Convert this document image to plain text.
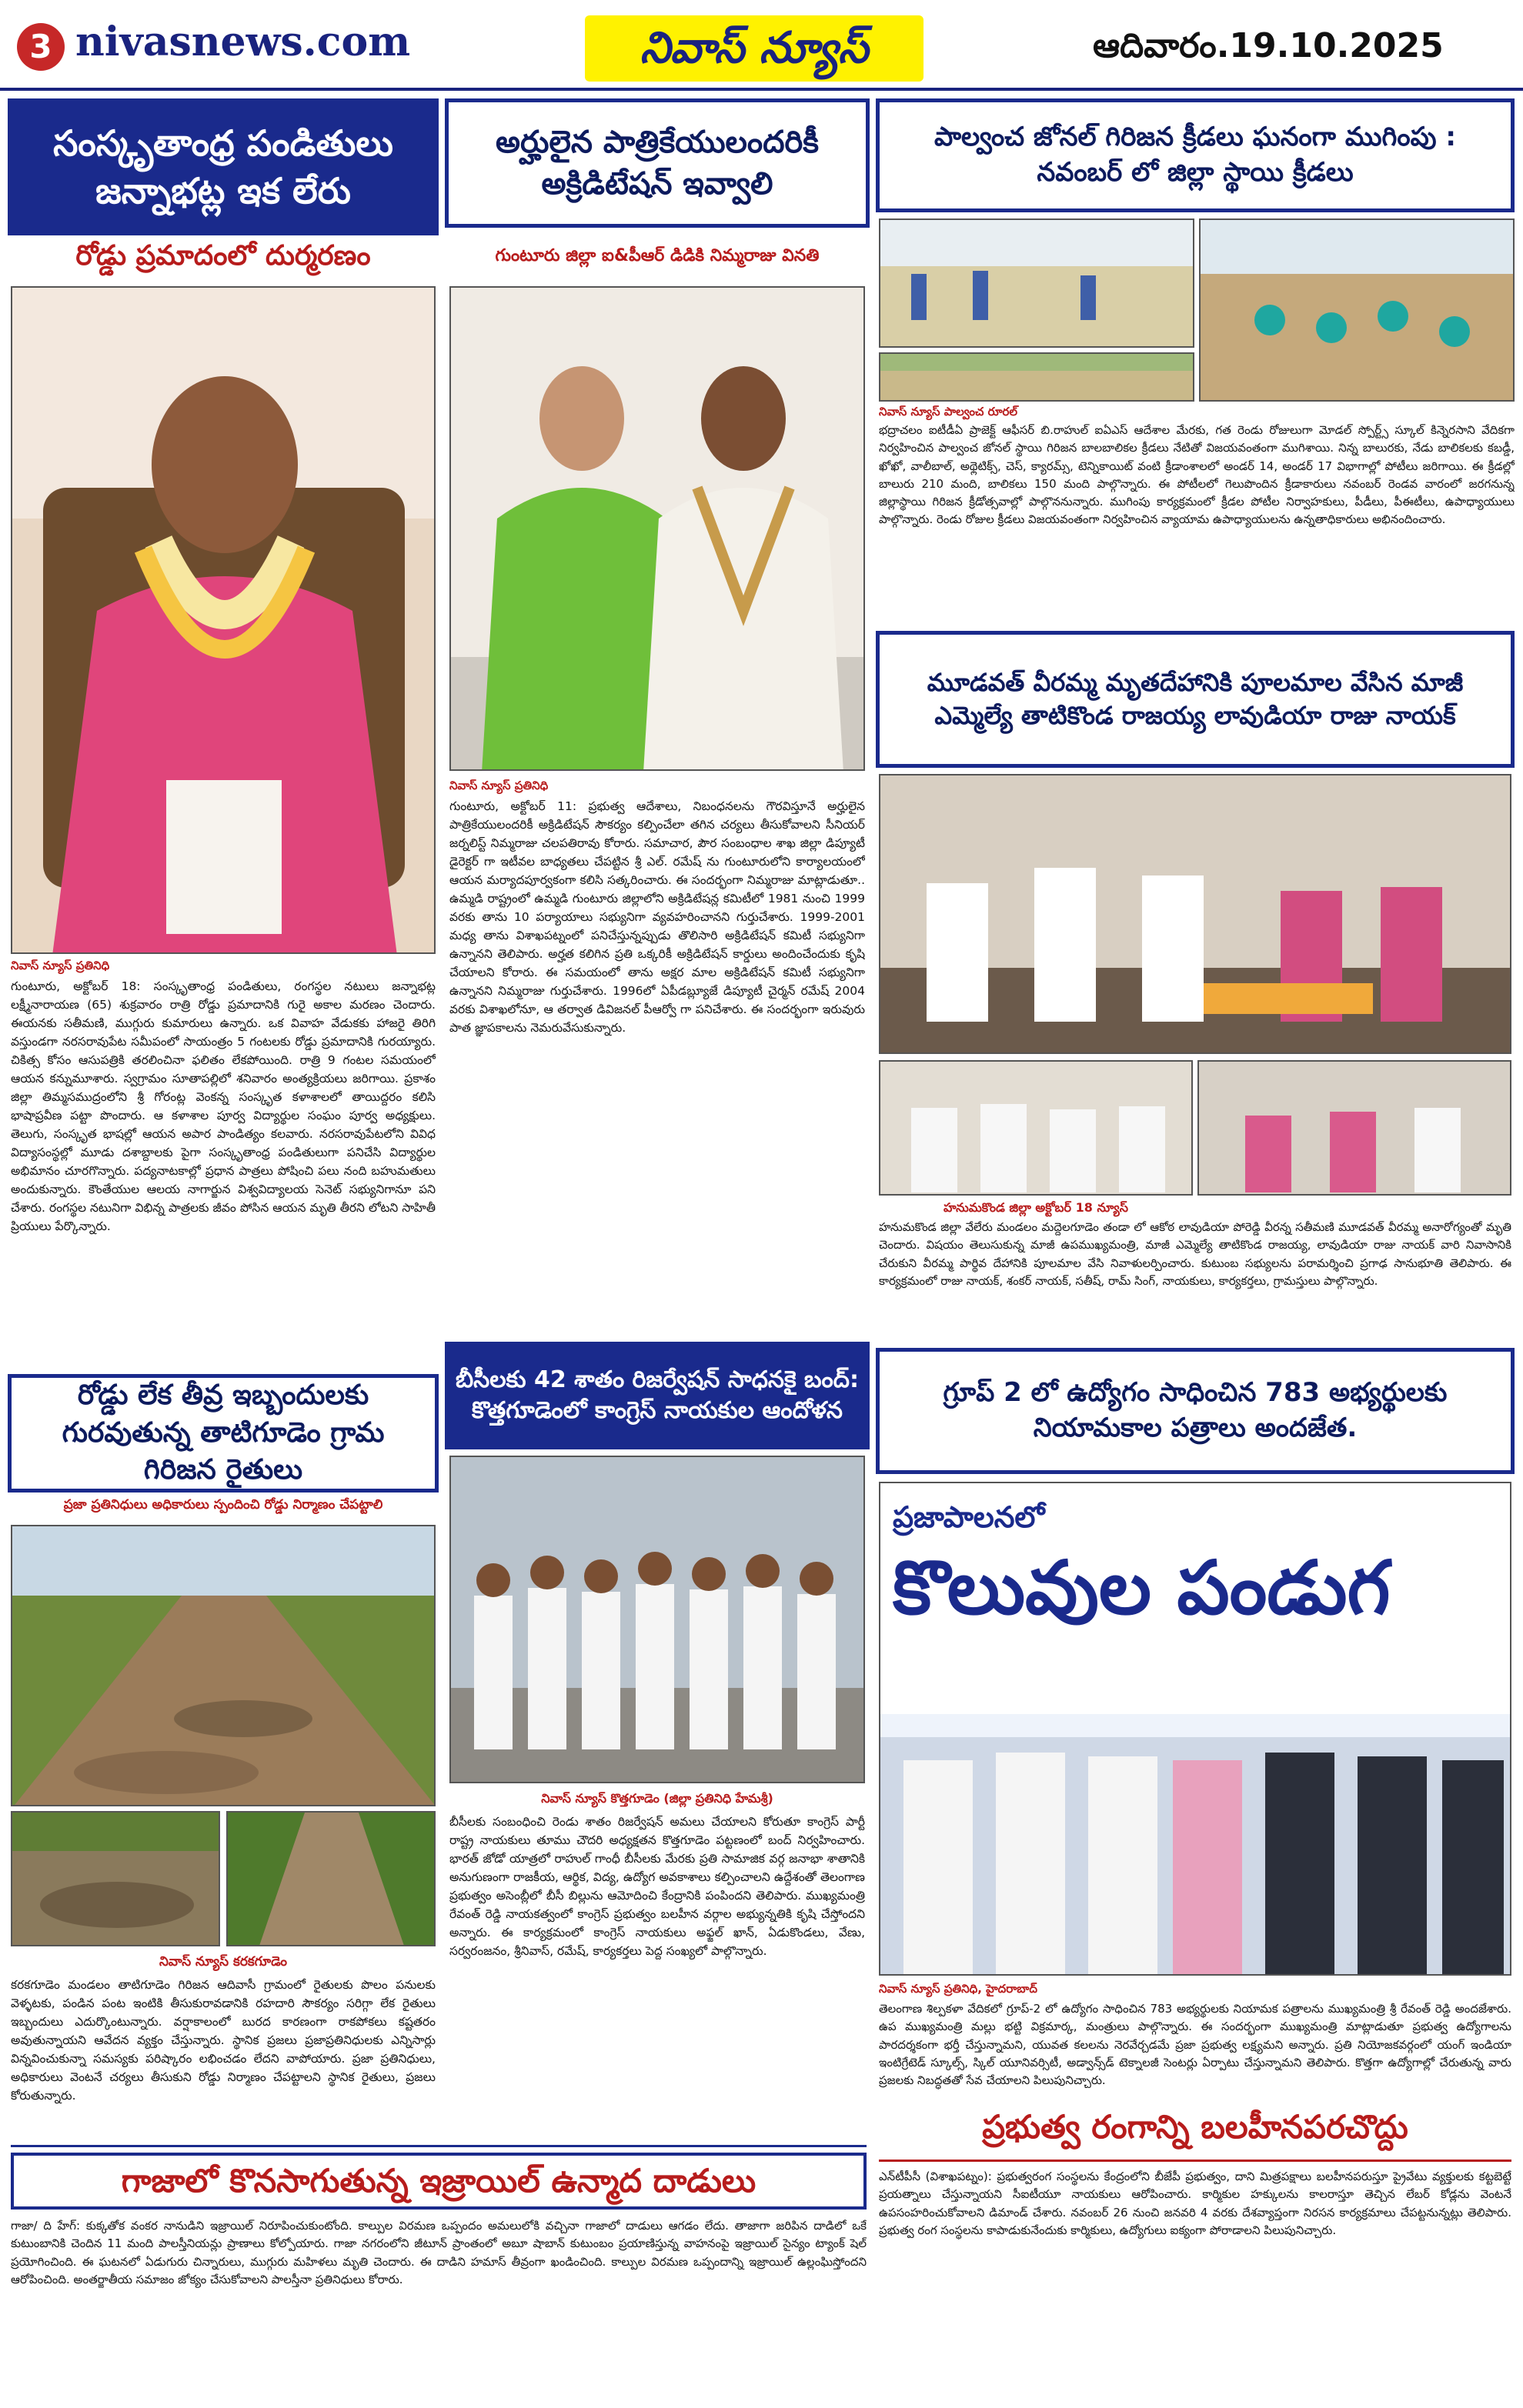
3 nivasnews.com	నివాస్ న్యూస్	ఆదివారం.19.10.2025
సంస్కృతాంధ్ర పండితులు జన్నాభట్ల ఇక లేరు
రోడ్డు ప్రమాదంలో దుర్మరణం
నివాస్ న్యూస్ ప్రతినిధి
గుంటూరు, అక్టోబర్ 18: సంస్కృతాంధ్ర పండితులు, రంగస్థల నటులు జన్నాభట్ల లక్ష్మీనారాయణ (65) శుక్రవారం రాత్రి రోడ్డు ప్రమాదానికి గురై అకాల మరణం చెందారు. ఈయనకు సతీమణి, ముగ్గురు కుమారులు ఉన్నారు. ఒక వివాహ వేడుకకు హాజరై తిరిగి వస్తుండగా నరసరావుపేట సమీపంలో సాయంత్రం 5 గంటలకు రోడ్డు ప్రమాదానికి గురయ్యారు. చికిత్స కోసం ఆసుపత్రికి తరలించినా ఫలితం లేకపోయింది. రాత్రి 9 గంటల సమయంలో ఆయన కన్నుమూశారు. స్వగ్రామం సూతాపల్లిలో శనివారం అంత్యక్రియలు జరిగాయి. ప్రకాశం జిల్లా తిమ్మసముద్రంలోని శ్రీ గోరంట్ల వెంకన్న సంస్కృత కళాశాలలో తాయిద్దరం కలిసి భాషాప్రవీణ పట్టా పొందారు. ఆ కళాశాల పూర్వ విద్యార్థుల సంఘం పూర్వ అధ్యక్షులు. తెలుగు, సంస్కృత భాషల్లో ఆయన అపార పాండిత్యం కలవారు. నరసరావుపేటలోని వివిధ విద్యాసంస్థల్లో మూడు దశాబ్దాలకు పైగా సంస్కృతాంధ్ర పండితులుగా పనిచేసి విద్యార్థుల అభిమానం చూరగొన్నారు. పద్యనాటకాల్లో ప్రధాన పాత్రలు పోషించి పలు నంది బహుమతులు అందుకున్నారు. కౌంతేయుల ఆలయ నాగార్జున విశ్వవిద్యాలయ సెనెట్ సభ్యునిగానూ పని చేశారు. రంగస్థల నటునిగా విభిన్న పాత్రలకు జీవం పోసిన ఆయన మృతి తీరని లోటని సాహితీ ప్రియులు పేర్కొన్నారు.
రోడ్డు లేక తీవ్ర ఇబ్బందులకు గురవుతున్న తాటిగూడెం గ్రామ గిరిజన రైతులు
ప్రజా ప్రతినిధులు అధికారులు స్పందించి రోడ్డు నిర్మాణం చేపట్టాలి
నివాస్ న్యూస్ కరకగూడెం
కరకగూడెం మండలం తాటిగూడెం గిరిజన ఆదివాసీ గ్రామంలో రైతులకు పొలం పనులకు వెళ్ళటకు, పండిన పంట ఇంటికి తీసుకురావడానికి రహదారి సౌకర్యం సరిగ్గా లేక రైతులు ఇబ్బందులు ఎదుర్కొంటున్నారు. వర్షాకాలంలో బురద కారణంగా రాకపోకలు కష్టతరం అవుతున్నాయని ఆవేదన వ్యక్తం చేస్తున్నారు. స్థానిక ప్రజలు ప్రజాప్రతినిధులకు ఎన్నిసార్లు విన్నవించుకున్నా సమస్యకు పరిష్కారం లభించడం లేదని వాపోయారు. ప్రజా ప్రతినిధులు, అధికారులు వెంటనే చర్యలు తీసుకుని రోడ్డు నిర్మాణం చేపట్టాలని స్థానిక రైతులు, ప్రజలు కోరుతున్నారు.
అర్హులైన పాత్రికేయులందరికీ అక్రిడిటేషన్ ఇవ్వాలి
గుంటూరు జిల్లా ఐ&పీఆర్ డిడికి నిమ్మరాజు వినతి
నివాస్ న్యూస్ ప్రతినిధి
గుంటూరు, అక్టోబర్ 11: ప్రభుత్వ ఆదేశాలు, నిబంధనలను గౌరవిస్తూనే అర్హులైన పాత్రికేయులందరికీ అక్రిడిటేషన్ సౌకర్యం కల్పించేలా తగిన చర్యలు తీసుకోవాలని సీనియర్ జర్నలిస్ట్ నిమ్మరాజు చలపతిరావు కోరారు. సమాచార, పౌర సంబంధాల శాఖ జిల్లా డిప్యూటీ డైరెక్టర్ గా ఇటీవల బాధ్యతలు చేపట్టిన శ్రీ ఎల్. రమేష్ ను గుంటూరులోని కార్యాలయంలో ఆయన మర్యాదపూర్వకంగా కలిసి సత్కరించారు. ఈ సందర్భంగా నిమ్మరాజు మాట్లాడుతూ.. ఉమ్మడి రాష్ట్రంలో ఉమ్మడి గుంటూరు జిల్లాలోని అక్రిడిటేషన్ల కమిటీలో 1981 నుంచి 1999 వరకు తాను 10 పర్యాయాలు సభ్యునిగా వ్యవహరించానని గుర్తుచేశారు. 1999-2001 మధ్య తాను విశాఖపట్నంలో పనిచేస్తున్నప్పుడు తొలిసారి అక్రిడిటేషన్ కమిటీ సభ్యునిగా ఉన్నానని తెలిపారు. అర్హత కలిగిన ప్రతి ఒక్కరికీ అక్రిడిటేషన్ కార్డులు అందించేందుకు కృషి చేయాలని కోరారు. ఈ సమయంలో తాను అక్షర మాల అక్రిడిటేషన్ కమిటీ సభ్యునిగా ఉన్నానని నిమ్మరాజు గుర్తుచేశారు. 1996లో ఏపీడబ్ల్యూజే డిప్యూటీ చైర్మన్ రమేష్ 2004 వరకు విశాఖలోనూ, ఆ తర్వాత డివిజనల్ పీఆర్వో గా పనిచేశారు. ఈ సందర్భంగా ఇరువురు పాత జ్ఞాపకాలను నెమరువేసుకున్నారు.
బీసీలకు 42 శాతం రిజర్వేషన్ సాధనకై బంద్: కొత్తగూడెంలో కాంగ్రెస్ నాయకుల ఆందోళన
నివాస్ న్యూస్ కొత్తగూడెం (జిల్లా ప్రతినిధి హేమశ్రీ)
బీసీలకు సంబంధించి రెండు శాతం రిజర్వేషన్ అమలు చేయాలని కోరుతూ కాంగ్రెస్ పార్టీ రాష్ట్ర నాయకులు తూము చౌదరి అధ్యక్షతన కొత్తగూడెం పట్టణంలో బంద్ నిర్వహించారు. భారత్ జోడో యాత్రలో రాహుల్ గాంధీ బీసీలకు మేరకు ప్రతి సామాజిక వర్గ జనాభా శాతానికి అనుగుణంగా రాజకీయ, ఆర్థిక, విద్య, ఉద్యోగ అవకాశాలు కల్పించాలని ఉద్దేశంతో తెలంగాణ ప్రభుత్వం అసెంబ్లీలో బీసీ బిల్లును ఆమోదించి కేంద్రానికి పంపిందని తెలిపారు. ముఖ్యమంత్రి రేవంత్ రెడ్డి నాయకత్వంలో కాంగ్రెస్ ప్రభుత్వం బలహీన వర్గాల అభ్యున్నతికి కృషి చేస్తోందని అన్నారు. ఈ కార్యక్రమంలో కాంగ్రెస్ నాయకులు అఫ్జల్ ఖాన్, ఏడుకొండలు, వేణు, సర్వరంజనం, శ్రీనివాస్, రమేష్, కార్యకర్తలు పెద్ద సంఖ్యలో పాల్గొన్నారు.
పాల్వంచ జోనల్ గిరిజన క్రీడలు ఘనంగా ముగింపు : నవంబర్ లో జిల్లా స్థాయి క్రీడలు
నివాస్ న్యూస్ పాల్వంచ రూరల్
భద్రాచలం ఐటీడీఏ ప్రాజెక్ట్ ఆఫీసర్ బి.రాహుల్ ఐఏఎస్ ఆదేశాల మేరకు, గత రెండు రోజులుగా మోడల్ స్పోర్ట్స్ స్కూల్ కిన్నెరసాని వేదికగా నిర్వహించిన పాల్వంచ జోనల్ స్థాయి గిరిజన బాలబాలికల క్రీడలు నేటితో విజయవంతంగా ముగిశాయి. నిన్న బాలురకు, నేడు బాలికలకు కబడ్డీ, ఖోఖో, వాలీబాల్, అథ్లెటిక్స్, చెస్, క్యారమ్స్, టెన్నికాయిట్ వంటి క్రీడాంశాలలో అండర్ 14, అండర్ 17 విభాగాల్లో పోటీలు జరిగాయి. ఈ క్రీడల్లో బాలురు 210 మంది, బాలికలు 150 మంది పాల్గొన్నారు. ఈ పోటీలలో గెలుపొందిన క్రీడాకారులు నవంబర్ రెండవ వారంలో జరగనున్న జిల్లాస్థాయి గిరిజన క్రీడోత్సవాల్లో పాల్గొననున్నారు. ముగింపు కార్యక్రమంలో క్రీడల పోటీల నిర్వాహకులు, పీడీలు, పీఈటీలు, ఉపాధ్యాయులు పాల్గొన్నారు. రెండు రోజుల క్రీడలు విజయవంతంగా నిర్వహించిన వ్యాయామ ఉపాధ్యాయులను ఉన్నతాధికారులు అభినందించారు.
మూడవత్ వీరమ్మ మృతదేహానికి పూలమాల వేసిన మాజీ ఎమ్మెల్యే తాటికొండ రాజయ్య లావుడియా రాజు నాయక్
హనుమకొండ జిల్లా అక్టోబర్ 18 న్యూస్
హనుమకొండ జిల్లా వేలేరు మండలం మద్దెలగూడెం తండా లో ఆకోఠ లావుడియా పోరెడ్డి వీరన్న సతీమణి మూడవత్ వీరమ్మ అనారోగ్యంతో మృతి చెందారు. విషయం తెలుసుకున్న మాజీ ఉపముఖ్యమంత్రి, మాజీ ఎమ్మెల్యే తాటికొండ రాజయ్య, లావుడియా రాజు నాయక్ వారి నివాసానికి చేరుకుని వీరమ్మ పార్థివ దేహానికి పూలమాల వేసి నివాళులర్పించారు. కుటుంబ సభ్యులను పరామర్శించి ప్రగాఢ సానుభూతి తెలిపారు. ఈ కార్యక్రమంలో రాజు నాయక్, శంకర్ నాయక్, సతీష్, రామ్ సింగ్, నాయకులు, కార్యకర్తలు, గ్రామస్తులు పాల్గొన్నారు.
గ్రూప్ 2 లో ఉద్యోగం సాధించిన 783 అభ్యర్థులకు నియామకాల పత్రాలు అందజేత.
ప్రజాపాలనలో
కొలువుల పండుగ
నివాస్ న్యూస్ ప్రతినిధి, హైదరాబాద్
తెలంగాణ శిల్పకళా వేదికలో గ్రూప్-2 లో ఉద్యోగం సాధించిన 783 అభ్యర్థులకు నియామక పత్రాలను ముఖ్యమంత్రి శ్రీ రేవంత్ రెడ్డి అందజేశారు. ఉప ముఖ్యమంత్రి మల్లు భట్టి విక్రమార్క, మంత్రులు పాల్గొన్నారు. ఈ సందర్భంగా ముఖ్యమంత్రి మాట్లాడుతూ ప్రభుత్వ ఉద్యోగాలను పారదర్శకంగా భర్తీ చేస్తున్నామని, యువత కలలను నెరవేర్చడమే ప్రజా ప్రభుత్వ లక్ష్యమని అన్నారు. ప్రతి నియోజకవర్గంలో యంగ్ ఇండియా ఇంటిగ్రేటెడ్ స్కూల్స్, స్కిల్ యూనివర్సిటీ, అడ్వాన్స్‌డ్ టెక్నాలజీ సెంటర్లు ఏర్పాటు చేస్తున్నామని తెలిపారు. కొత్తగా ఉద్యోగాల్లో చేరుతున్న వారు ప్రజలకు నిబద్ధతతో సేవ చేయాలని పిలుపునిచ్చారు.
ప్రభుత్వ రంగాన్ని బలహీనపరచొద్దు
ఎన్‌టీపీసీ (విశాఖపట్నం): ప్రభుత్వరంగ సంస్థలను కేంద్రంలోని బీజేపీ ప్రభుత్వం, దాని మిత్రపక్షాలు బలహీనపరుస్తూ ప్రైవేటు వ్యక్తులకు కట్టబెట్టే ప్రయత్నాలు చేస్తున్నాయని సీఐటీయూ నాయకులు ఆరోపించారు. కార్మికుల హక్కులను కాలరాస్తూ తెచ్చిన లేబర్ కోడ్లను వెంటనే ఉపసంహరించుకోవాలని డిమాండ్ చేశారు. నవంబర్ 26 నుంచి జనవరి 4 వరకు దేశవ్యాప్తంగా నిరసన కార్యక్రమాలు చేపట్టనున్నట్లు తెలిపారు. ప్రభుత్వ రంగ సంస్థలను కాపాడుకునేందుకు కార్మికులు, ఉద్యోగులు ఐక్యంగా పోరాడాలని పిలుపునిచ్చారు.
గాజాలో కొనసాగుతున్న ఇజ్రాయిల్ ఉన్మాద దాడులు
గాజా/ ది హేగ్: కుక్కతోక వంకర నానుడిని ఇజ్రాయిల్ నిరూపించుకుంటోంది. కాల్పుల విరమణ ఒప్పందం అమలులోకి వచ్చినా గాజాలో దాడులు ఆగడం లేదు. తాజాగా జరిపిన దాడిలో ఒకే కుటుంబానికి చెందిన 11 మంది పాలస్తీనియన్లు ప్రాణాలు కోల్పోయారు. గాజా నగరంలోని జీటూన్ ప్రాంతంలో అబూ షాబాన్ కుటుంబం ప్రయాణిస్తున్న వాహనంపై ఇజ్రాయిల్ సైన్యం ట్యాంక్ షెల్ ప్రయోగించింది. ఈ ఘటనలో ఏడుగురు చిన్నారులు, ముగ్గురు మహిళలు మృతి చెందారు. ఈ దాడిని హమాస్ తీవ్రంగా ఖండించింది. కాల్పుల విరమణ ఒప్పందాన్ని ఇజ్రాయిల్ ఉల్లంఘిస్తోందని ఆరోపించింది. అంతర్జాతీయ సమాజం జోక్యం చేసుకోవాలని పాలస్తీనా ప్రతినిధులు కోరారు.
